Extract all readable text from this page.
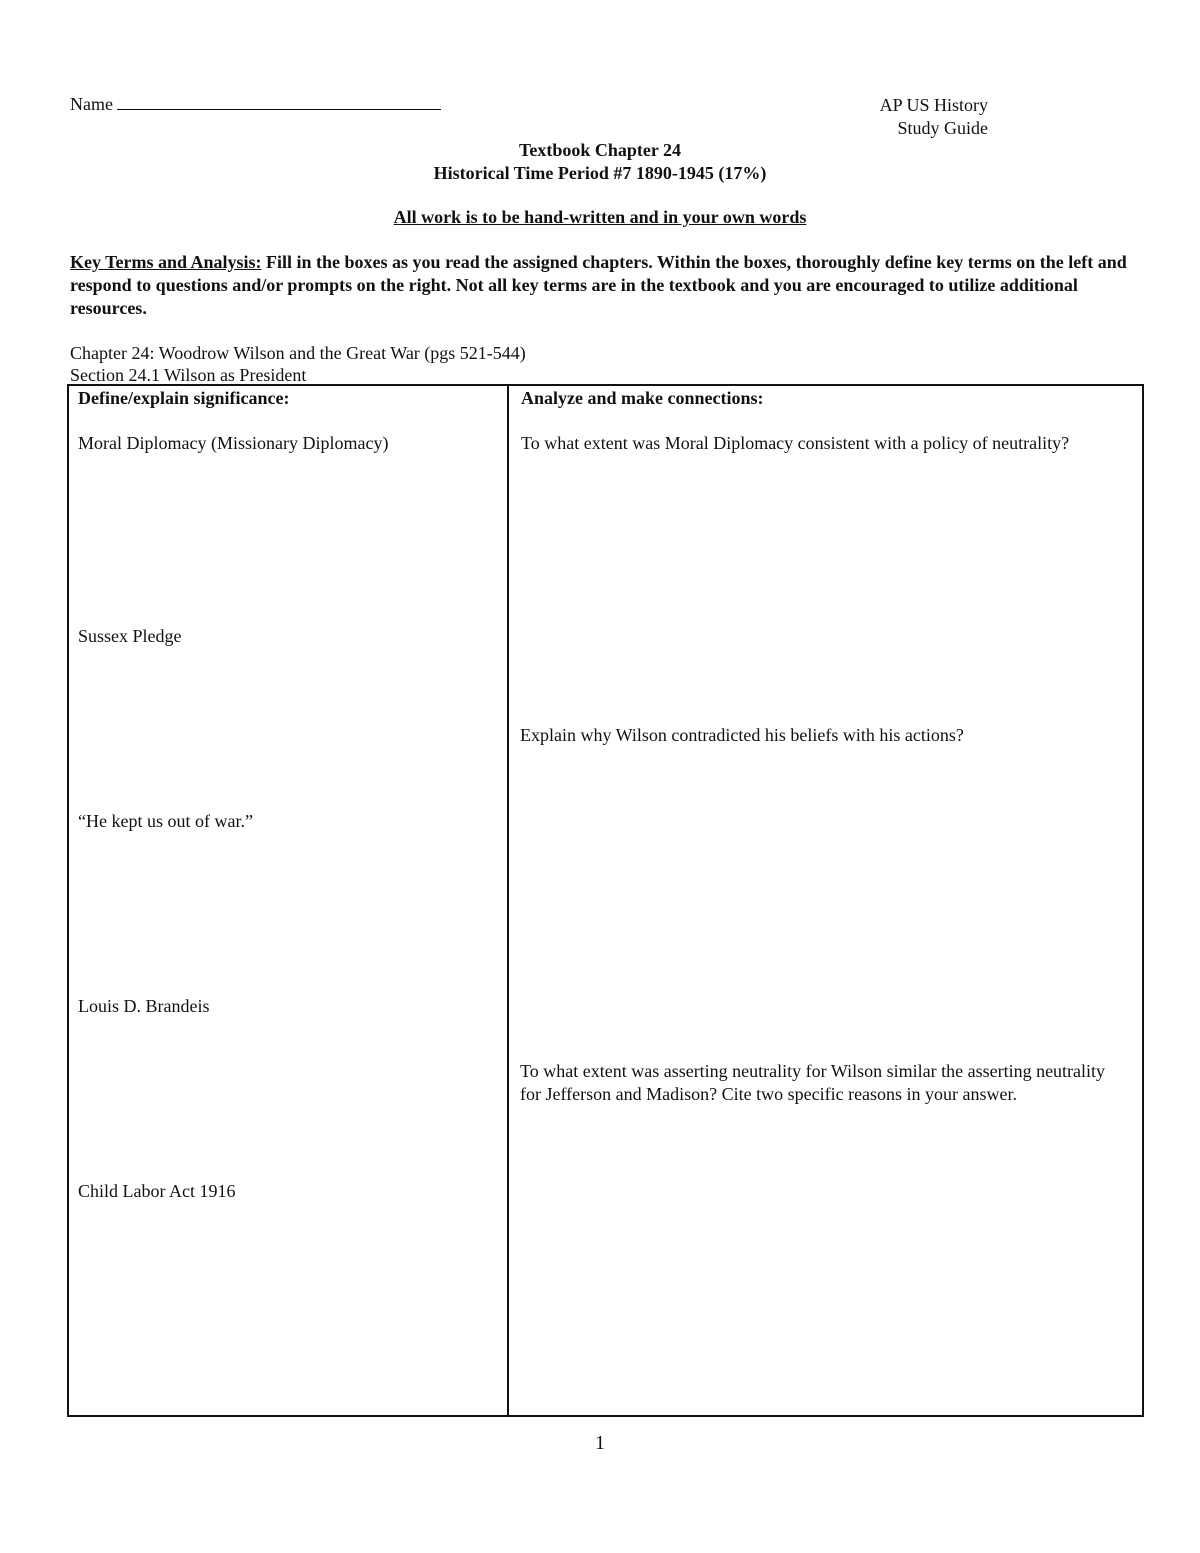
Name	AP US History
Study Guide
Textbook Chapter 24
Historical Time Period #7 1890-1945 (17%)
All work is to be hand-written and in your own words
Key Terms and Analysis: Fill in the boxes as you read the assigned chapters. Within the boxes, thoroughly define key terms on the left and respond to questions and/or prompts on the right. Not all key terms are in the textbook and you are encouraged to utilize additional resources.
Chapter 24: Woodrow Wilson and the Great War (pgs 521-544)
Section 24.1 Wilson as President
Define/explain significance:	Analyze and make connections:
Moral Diplomacy (Missionary Diplomacy)
Sussex Pledge
“He kept us out of war.”
Louis D. Brandeis
Child Labor Act 1916
To what extent was Moral Diplomacy consistent with a policy of neutrality?
Explain why Wilson contradicted his beliefs with his actions?
To what extent was asserting neutrality for Wilson similar the asserting neutrality for Jefferson and Madison? Cite two specific reasons in your answer.
1
